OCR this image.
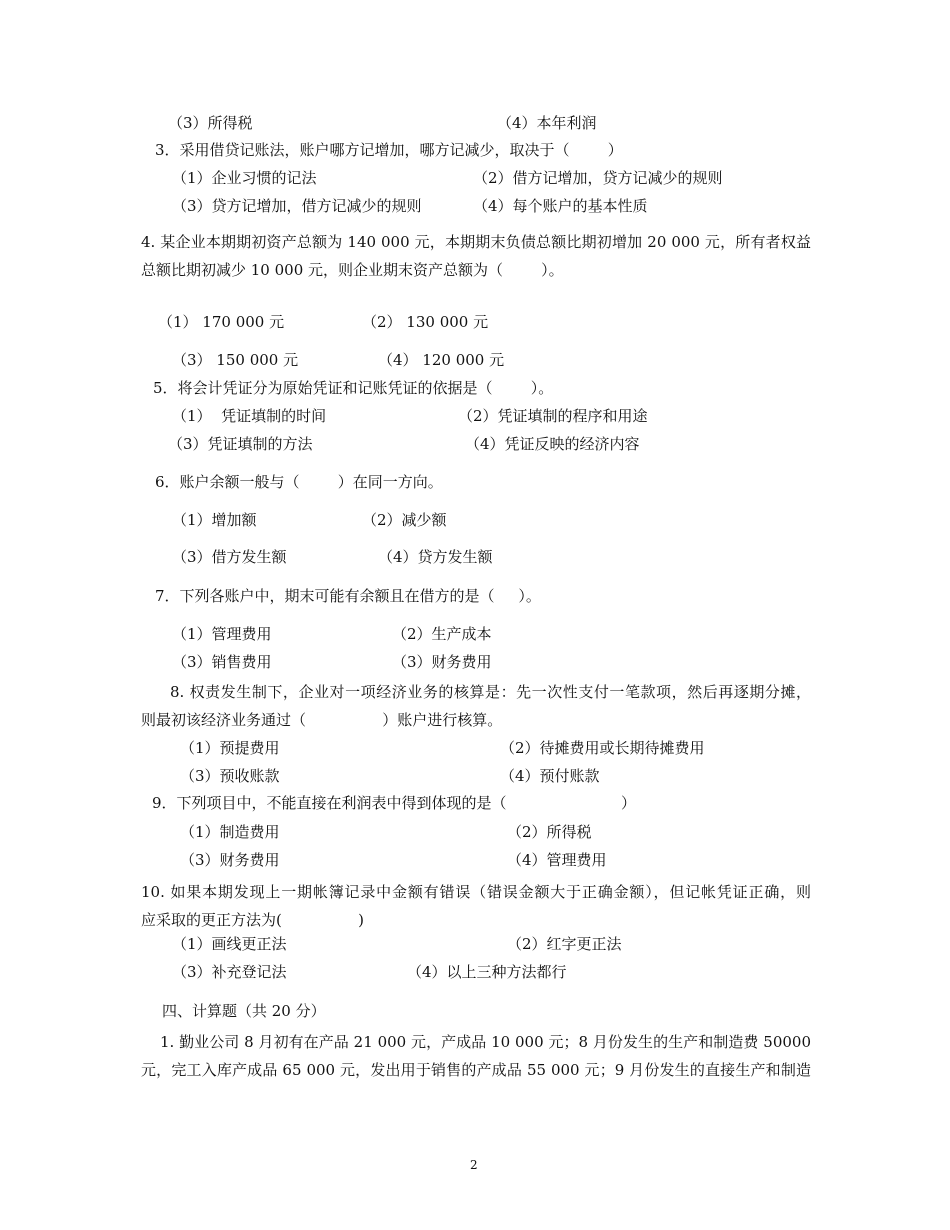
（3）所得税	（4）本年利润
3．采用借贷记账法，账户哪方记增加，哪方记减少，取决于（        ）
（1）企业习惯的记法	（2）借方记增加，贷方记减少的规则
（3）贷方记增加，借方记减少的规则	（4）每个账户的基本性质
4. 某企业本期期初资产总额为 140 000 元，本期期末负债总额比期初增加 20 000 元，所有者权益
总额比期初减少 10 000 元，则企业期末资产总额为（        ）。
（1） 170 000 元	（2） 130 000 元
（3） 150 000 元	（4） 120 000 元
5．将会计凭证分为原始凭证和记账凭证的依据是（        ）。
（1）  凭证填制的时间	（2）凭证填制的程序和用途
（3）凭证填制的方法	（4）凭证反映的经济内容
6．账户余额一般与（        ）在同一方向。
（1）增加额	（2）减少额
（3）借方发生额	（4）贷方发生额
7．下列各账户中，期末可能有余额且在借方的是（     ）。
（1）管理费用	（2）生产成本
（3）销售费用	（3）财务费用
8. 权责发生制下，企业对一项经济业务的核算是：先一次性支付一笔款项，然后再逐期分摊，
则最初该经济业务通过（                ）账户进行核算。
（1）预提费用	（2）待摊费用或长期待摊费用
（3）预收账款	（4）预付账款
9．下列项目中，不能直接在利润表中得到体现的是（                        ）
（1）制造费用	（2）所得税
（3）财务费用	（4）管理费用
10. 如果本期发现上一期帐簿记录中金额有错误（错误金额大于正确金额），但记帐凭证正确，则
应采取的更正方法为(                )
（1）画线更正法	（2）红字更正法
（3）补充登记法	（4）以上三种方法都行
四、计算题（共 20 分）
1. 勤业公司 8 月初有在产品 21 000 元，产成品 10 000 元；8 月份发生的生产和制造费 50000
元，完工入库产成品 65 000 元，发出用于销售的产成品 55 000 元；9 月份发生的直接生产和制造
2
